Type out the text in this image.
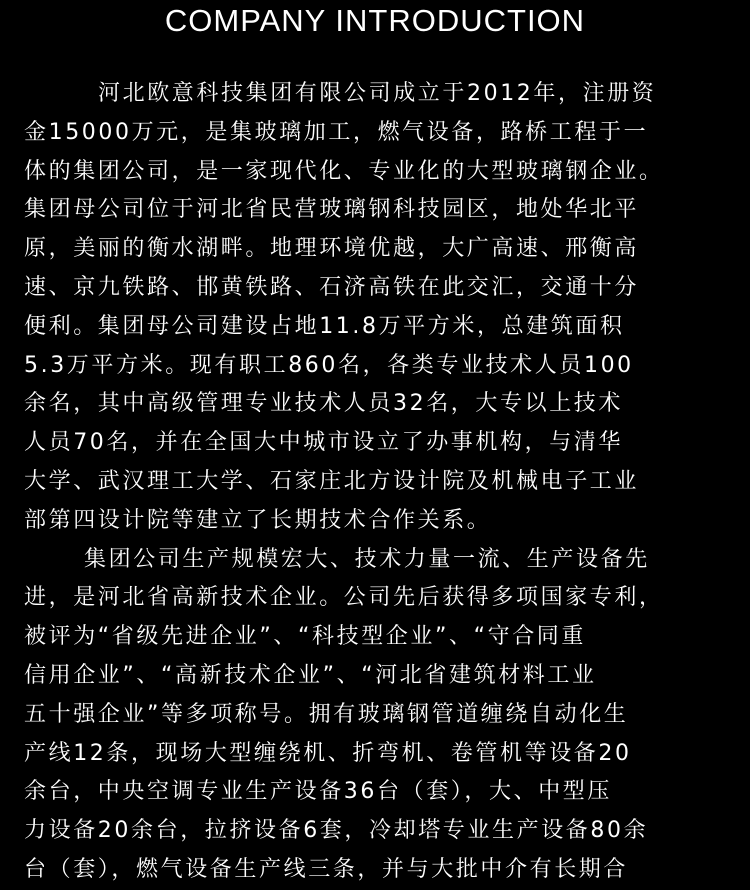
COMPANY INTRODUCTION
河北欧意科技集团有限公司成立于2012年，注册资
金15000万元，是集玻璃加工，燃气设备，路桥工程于一
体的集团公司，是一家现代化、专业化的大型玻璃钢企业。
集团母公司位于河北省民营玻璃钢科技园区，地处华北平
原，美丽的衡水湖畔。地理环境优越，大广高速、邢衡高
速、京九铁路、邯黄铁路、石济高铁在此交汇，交通十分
便利。集团母公司建设占地11.8万平方米，总建筑面积
5.3万平方米。现有职工860名，各类专业技术人员100
余名，其中高级管理专业技术人员32名，大专以上技术
人员70名，并在全国大中城市设立了办事机构，与清华
大学、武汉理工大学、石家庄北方设计院及机械电子工业
部第四设计院等建立了长期技术合作关系。
集团公司生产规模宏大、技术力量一流、生产设备先
进，是河北省高新技术企业。公司先后获得多项国家专利，
被评为“省级先进企业”、“科技型企业”、“守合同重
信用企业”、“高新技术企业”、“河北省建筑材料工业
五十强企业”等多项称号。拥有玻璃钢管道缠绕自动化生
产线12条，现场大型缠绕机、折弯机、卷管机等设备20
余台，中央空调专业生产设备36台（套），大、中型压
力设备20余台，拉挤设备6套，冷却塔专业生产设备80余
台（套），燃气设备生产线三条，并与大批中介有长期合
